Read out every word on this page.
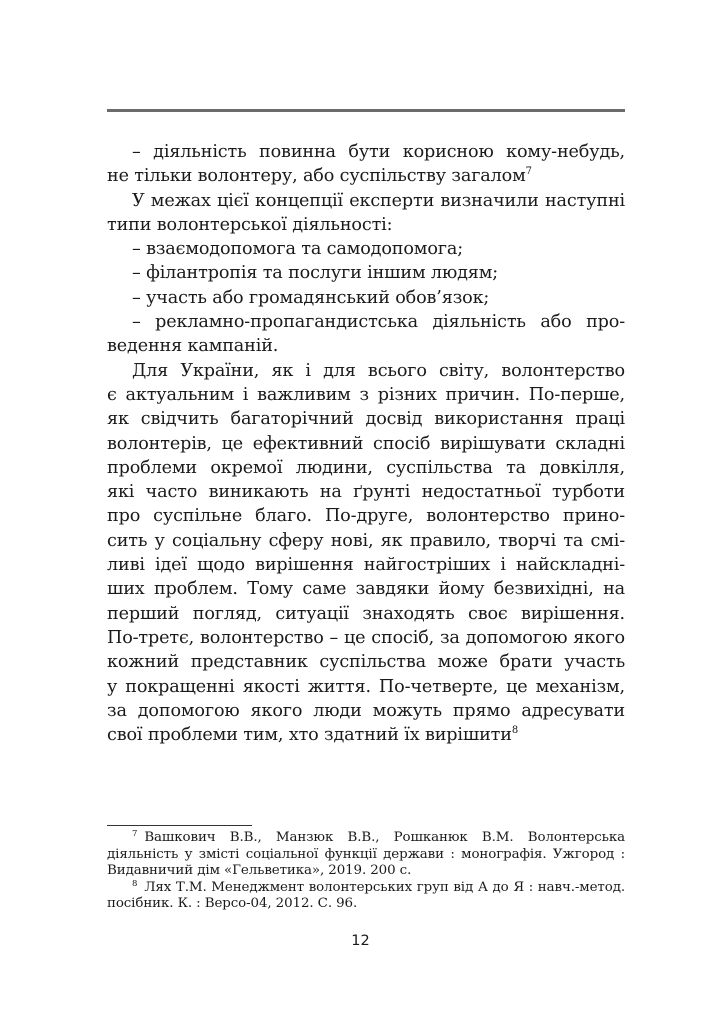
– діяльність повинна бути корисною кому-небудь,
не тільки волонтеру, або суспільству загалом$^7$
У межах цієї концепції експерти визначили наступні
типи волонтерської діяльності:
– взаємодопомога та самодопомога;
– філантропія та послуги іншим людям;
– участь або громадянський обов’язок;
– рекламно-пропагандистська діяльність або про-
ведення кампаній.
Для України, як і для всього світу, волонтерство
є актуальним і важливим з різних причин. По-перше,
як свідчить багаторічний досвід використання праці
волонтерів, це ефективний спосіб вирішувати складні
проблеми окремої людини, суспільства та довкілля,
які часто виникають на ґрунті недостатньої турботи
про суспільне благо. По-друге, волонтерство прино-
сить у соціальну сферу нові, як правило, творчі та смі-
ливі ідеї щодо вирішення найгостріших і найскладні-
ших проблем. Тому саме завдяки йому безвихідні, на
перший погляд, ситуації знаходять своє вирішення.
По-третє, волонтерство – це спосіб, за допомогою якого
кожний представник суспільства може брати участь
у покращенні якості життя. По-четверте, це механізм,
за допомогою якого люди можуть прямо адресувати
свої проблеми тим, хто здатний їх вирішити$^8$
$^7$ Вашкович В.В., Манзюк В.В., Рошканюк В.М. Волонтерська
діяльність у змісті соціальної функції держави : монографія. Ужгород :
Видавничий дім «Гельветика», 2019. 200 с.
$^8$ Лях Т.М. Менеджмент волонтерських груп від А до Я : навч.-метод.
посібник. К. : Версо-04, 2012. С. 96.
12
